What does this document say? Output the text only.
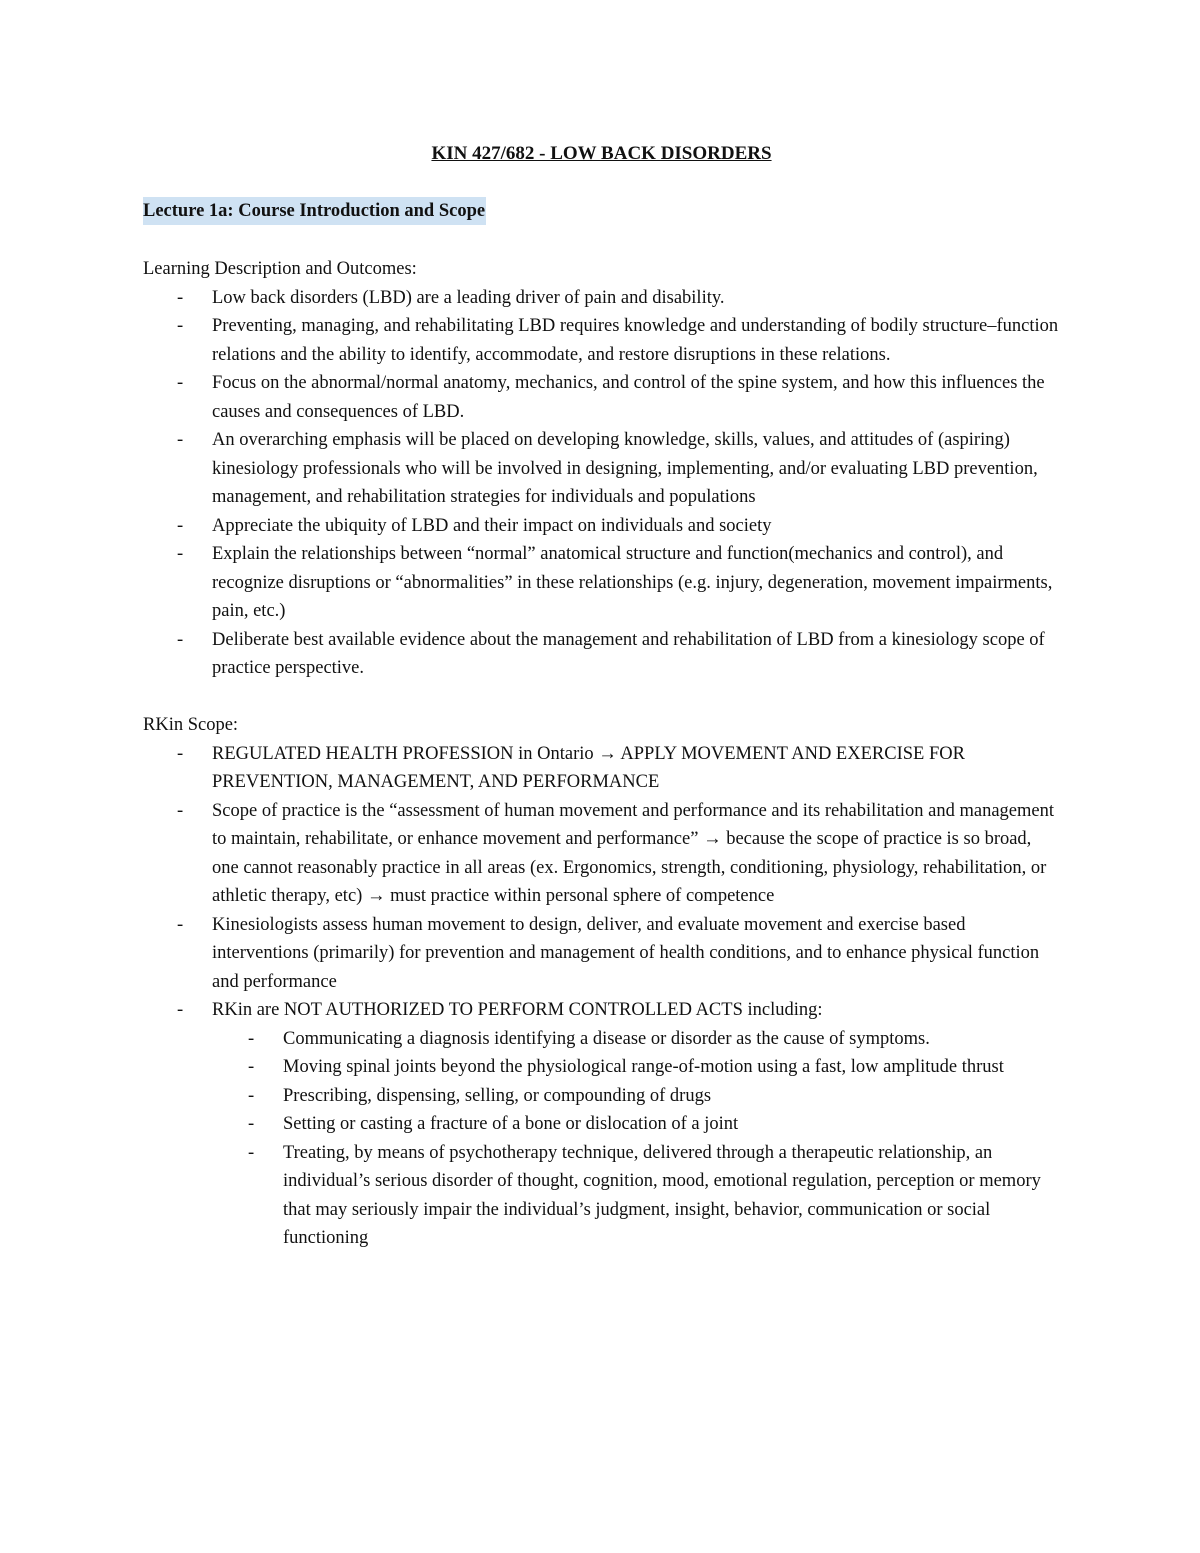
KIN 427/682 - LOW BACK DISORDERS
Lecture 1a: Course Introduction and Scope

Learning Description and Outcomes:

- Low back disorders (LBD) are a leading driver of pain and disability.
- Preventing, managing, and rehabilitating LBD requires knowledge and understanding of bodily structure–function relations and the ability to identify, accommodate, and restore disruptions in these relations.
- Focus on the abnormal/normal anatomy, mechanics, and control of the spine system, and how this influences the causes and consequences of LBD.
- An overarching emphasis will be placed on developing knowledge, skills, values, and attitudes of (aspiring) kinesiology professionals who will be involved in designing, implementing, and/or evaluating LBD prevention, management, and rehabilitation strategies for individuals and populations
- Appreciate the ubiquity of LBD and their impact on individuals and society
- Explain the relationships between “normal” anatomical structure and function(mechanics and control), and recognize disruptions or “abnormalities” in these relationships (e.g. injury, degeneration, movement impairments, pain, etc.)
- Deliberate best available evidence about the management and rehabilitation of LBD from a kinesiology scope of practice perspective.

RKin Scope:

- REGULATED HEALTH PROFESSION in Ontario → APPLY MOVEMENT AND EXERCISE FOR PREVENTION, MANAGEMENT, AND PERFORMANCE
- Scope of practice is the “assessment of human movement and performance and its rehabilitation and management to maintain, rehabilitate, or enhance movement and performance” → because the scope of practice is so broad, one cannot reasonably practice in all areas (ex. Ergonomics, strength, conditioning, physiology, rehabilitation, or athletic therapy, etc) → must practice within personal sphere of competence
- Kinesiologists assess human movement to design, deliver, and evaluate movement and exercise based interventions (primarily) for prevention and management of health conditions, and to enhance physical function and performance
- RKin are NOT AUTHORIZED TO PERFORM CONTROLLED ACTS including:
- Communicating a diagnosis identifying a disease or disorder as the cause of symptoms.
- Moving spinal joints beyond the physiological range-of-motion using a fast, low amplitude thrust
- Prescribing, dispensing, selling, or compounding of drugs
- Setting or casting a fracture of a bone or dislocation of a joint
- Treating, by means of psychotherapy technique, delivered through a therapeutic relationship, an individual’s serious disorder of thought, cognition, mood, emotional regulation, perception or memory that may seriously impair the individual’s judgment, insight, behavior, communication or social functioning
